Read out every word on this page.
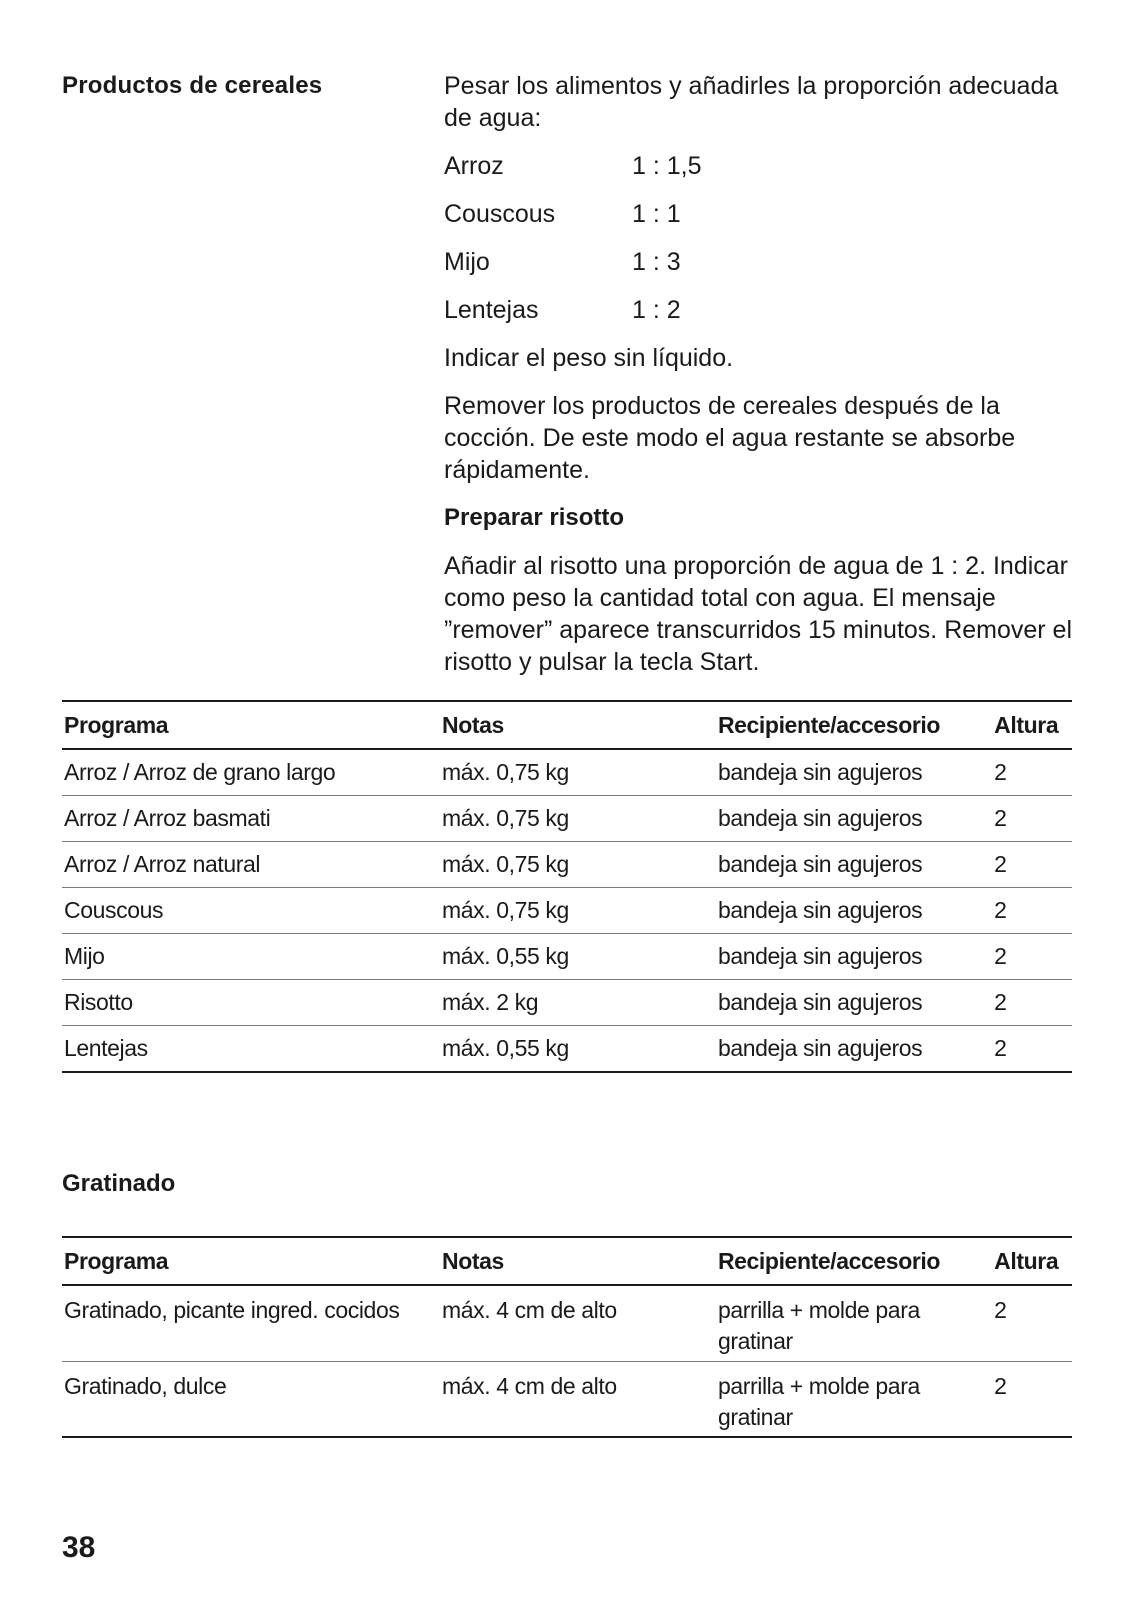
Productos de cereales	Pesar los alimentos y añadirles la proporción adecuada de agua:

Arroz	1 : 1,5
Couscous	1 : 1
Mijo	1 : 3
Lentejas	1 : 2

Indicar el peso sin líquido.

Remover los productos de cereales después de la cocción. De este modo el agua restante se absorbe rápidamente.

Preparar risotto

Añadir al risotto una proporción de agua de 1 : 2. Indicar como peso la cantidad total con agua. El mensaje ”remover” aparece transcurridos 15 minutos. Remover el risotto y pulsar la tecla Start.

Programa	Notas	Recipiente/accesorio	Altura
Arroz / Arroz de grano largo	máx. 0,75 kg	bandeja sin agujeros	2
Arroz / Arroz basmati	máx. 0,75 kg	bandeja sin agujeros	2
Arroz / Arroz natural	máx. 0,75 kg	bandeja sin agujeros	2
Couscous	máx. 0,75 kg	bandeja sin agujeros	2
Mijo	máx. 0,55 kg	bandeja sin agujeros	2
Risotto	máx. 2 kg	bandeja sin agujeros	2
Lentejas	máx. 0,55 kg	bandeja sin agujeros	2
Gratinado
Programa	Notas	Recipiente/accesorio	Altura
Gratinado, picante ingred. cocidos	máx. 4 cm de alto	parrilla + molde para gratinar	2
Gratinado, dulce	máx. 4 cm de alto	parrilla + molde para gratinar	2
38
